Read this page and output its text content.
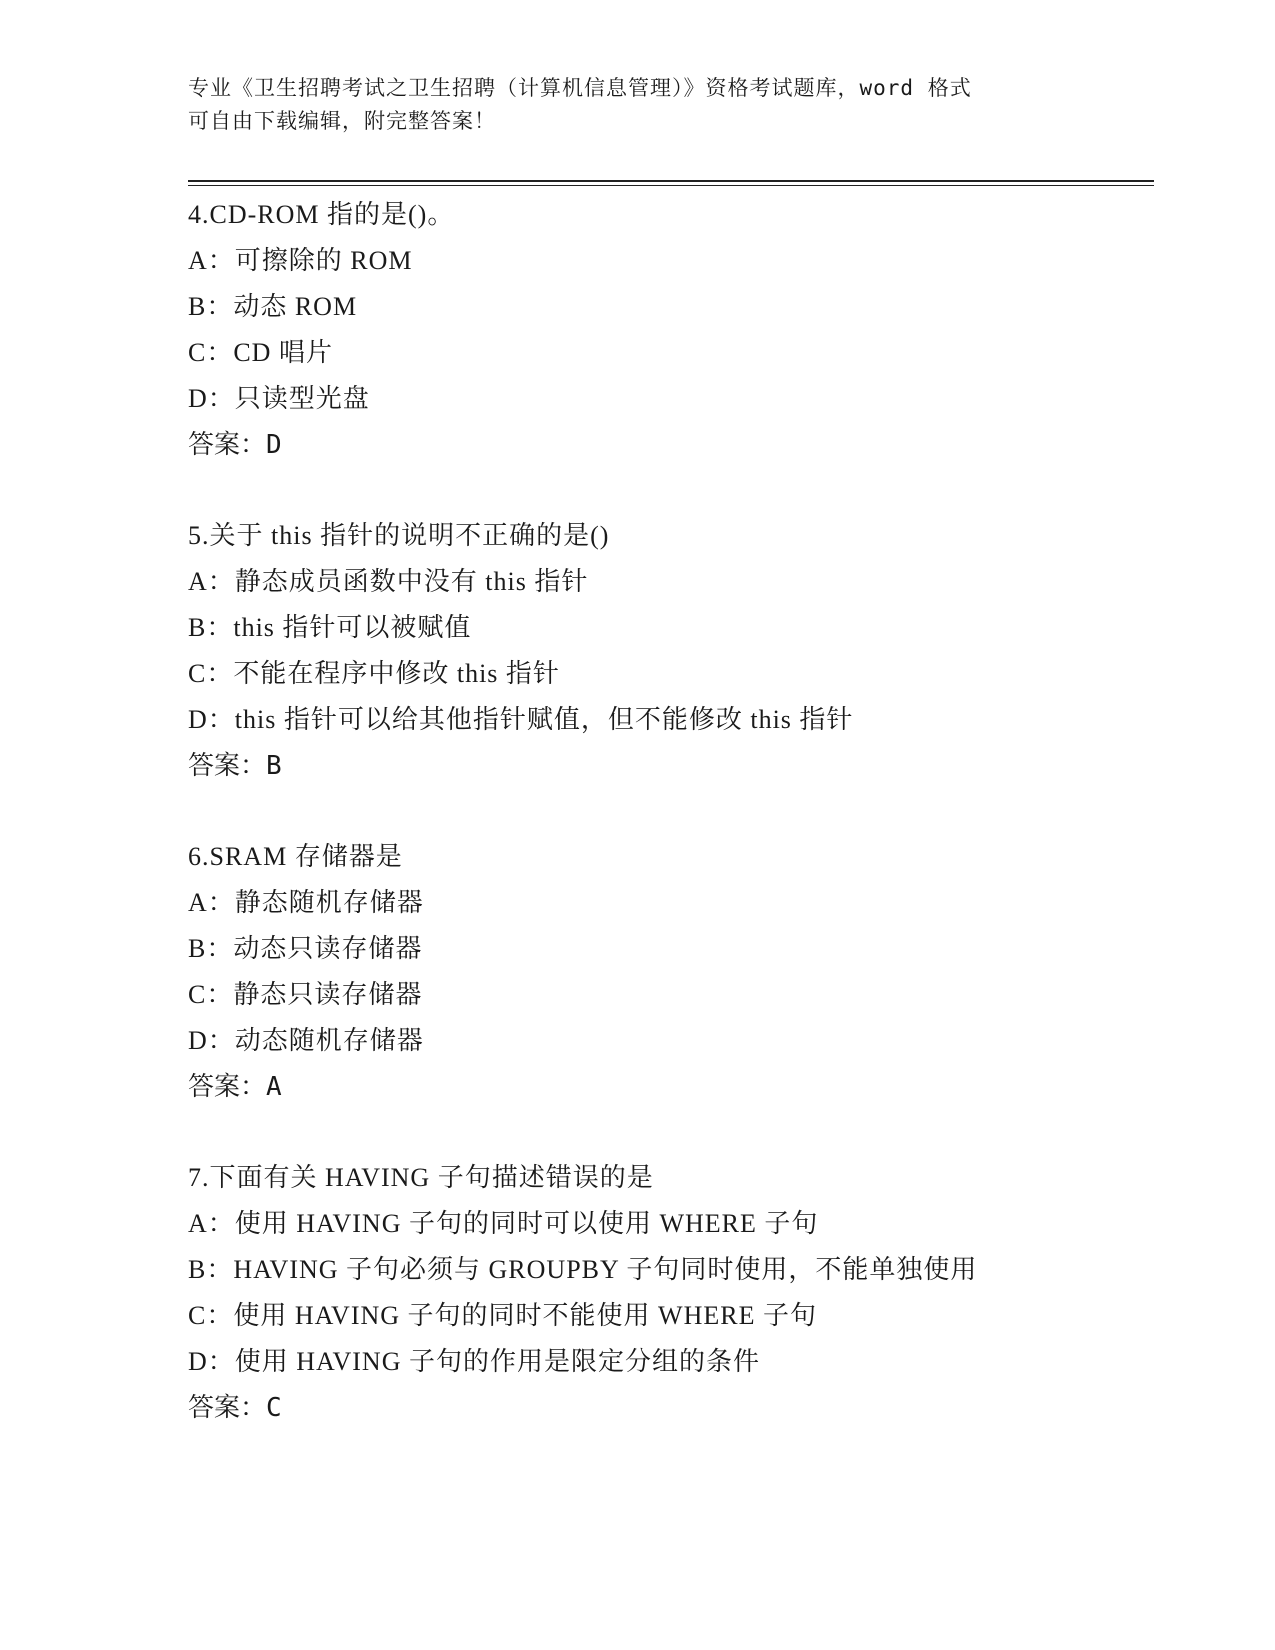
专业《卫生招聘考试之卫生招聘（计算机信息管理）》资格考试题库，word 格式
可自由下载编辑，附完整答案！
4.CD-ROM 指的是()。
A：可擦除的 ROM
B：动态 ROM
C：CD 唱片
D：只读型光盘
答案：D
5.关于 this 指针的说明不正确的是()
A：静态成员函数中没有 this 指针
B：this 指针可以被赋值
C：不能在程序中修改 this 指针
D：this 指针可以给其他指针赋值，但不能修改 this 指针
答案：B
6.SRAM 存储器是
A：静态随机存储器
B：动态只读存储器
C：静态只读存储器
D：动态随机存储器
答案：A
7.下面有关 HAVING 子句描述错误的是
A：使用 HAVING 子句的同时可以使用 WHERE 子句
B：HAVING 子句必须与 GROUPBY 子句同时使用，不能单独使用
C：使用 HAVING 子句的同时不能使用 WHERE 子句
D：使用 HAVING 子句的作用是限定分组的条件
答案：C
